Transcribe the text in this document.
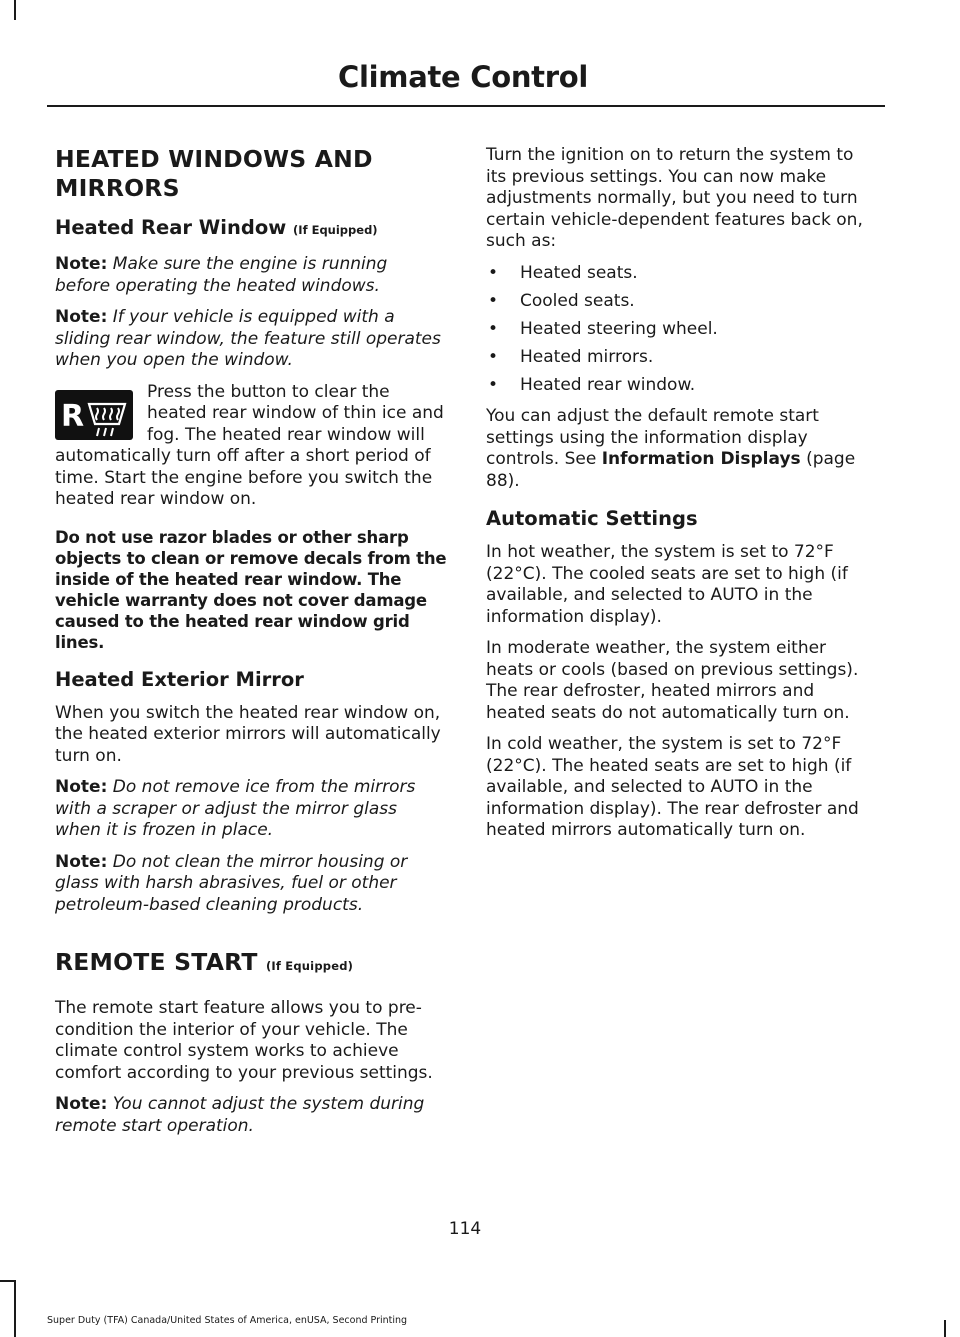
Climate Control
HEATED WINDOWS AND MIRRORS
Heated Rear Window (If Equipped)

Note: Make sure the engine is running before operating the heated windows.

Note: If your vehicle is equipped with a sliding rear window, the feature still operates when you open the window.

R
Press the button to clear the heated rear window of thin ice and fog. The heated rear window will automatically turn off after a short period of time. Start the engine before you switch the heated rear window on.

Do not use razor blades or other sharp objects to clean or remove decals from the inside of the heated rear window. The vehicle warranty does not cover damage caused to the heated rear window grid lines.

Heated Exterior Mirror

When you switch the heated rear window on, the heated exterior mirrors will automatically turn on.

Note: Do not remove ice from the mirrors with a scraper or adjust the mirror glass when it is frozen in place.

Note: Do not clean the mirror housing or glass with harsh abrasives, fuel or other petroleum-based cleaning products.

REMOTE START (If Equipped)

The remote start feature allows you to pre-condition the interior of your vehicle. The climate control system works to achieve comfort according to your previous settings.

Note: You cannot adjust the system during remote start operation.

Turn the ignition on to return the system to its previous settings. You can now make adjustments normally, but you need to turn certain vehicle-dependent features back on, such as:

• Heated seats.
• Cooled seats.
• Heated steering wheel.
• Heated mirrors.
• Heated rear window.

You can adjust the default remote start settings using the information display controls. See Information Displays (page 88).

Automatic Settings

In hot weather, the system is set to 72°F (22°C). The cooled seats are set to high (if available, and selected to AUTO in the information display).

In moderate weather, the system either heats or cools (based on previous settings). The rear defroster, heated mirrors and heated seats do not automatically turn on.

In cold weather, the system is set to 72°F (22°C). The heated seats are set to high (if available, and selected to AUTO in the information display). The rear defroster and heated mirrors automatically turn on.

114
Super Duty (TFA) Canada/United States of America, enUSA, Second Printing
